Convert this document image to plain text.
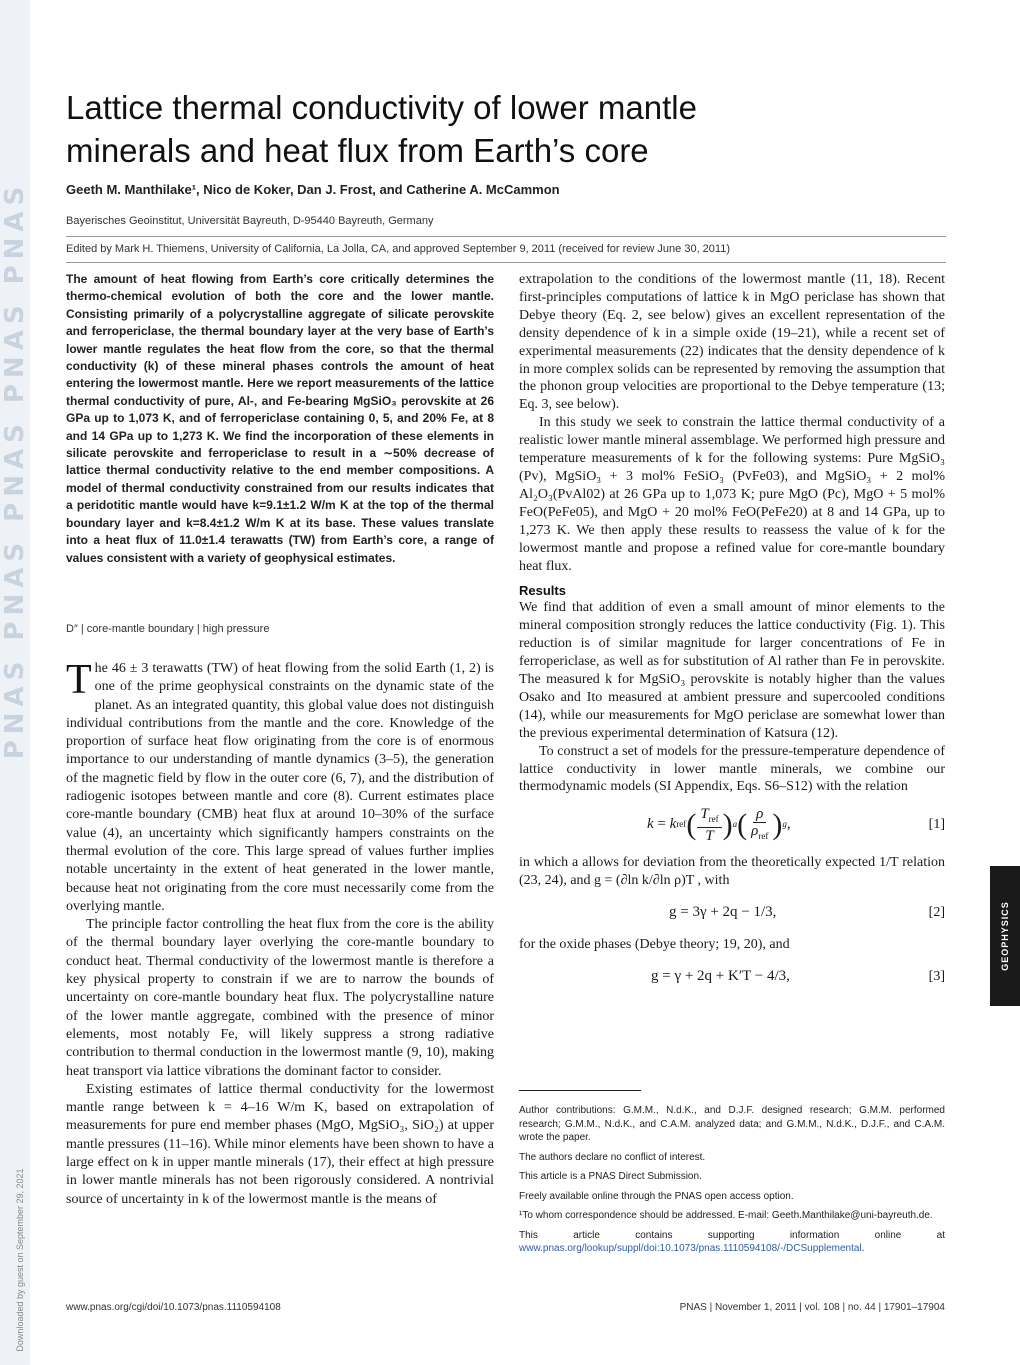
PNAS PNAS PNAS PNAS PNAS
Downloaded by guest on September 29, 2021
Lattice thermal conductivity of lower mantle minerals and heat flux from Earth’s core
Geeth M. Manthilake¹, Nico de Koker, Dan J. Frost, and Catherine A. McCammon
Bayerisches Geoinstitut, Universität Bayreuth, D-95440 Bayreuth, Germany
Edited by Mark H. Thiemens, University of California, La Jolla, CA, and approved September 9, 2011 (received for review June 30, 2011)
The amount of heat flowing from Earth’s core critically determines the thermo-chemical evolution of both the core and the lower mantle. Consisting primarily of a polycrystalline aggregate of silicate perovskite and ferropericlase, the thermal boundary layer at the very base of Earth’s lower mantle regulates the heat flow from the core, so that the thermal conductivity (k) of these mineral phases controls the amount of heat entering the lowermost mantle. Here we report measurements of the lattice thermal conductivity of pure, Al-, and Fe-bearing MgSiO₃ perovskite at 26 GPa up to 1,073 K, and of ferropericlase containing 0, 5, and 20% Fe, at 8 and 14 GPa up to 1,273 K. We find the incorporation of these elements in silicate perovskite and ferropericlase to result in a ∼50% decrease of lattice thermal conductivity relative to the end member compositions. A model of thermal conductivity constrained from our results indicates that a peridotitic mantle would have k=9.1±1.2 W/m K at the top of the thermal boundary layer and k=8.4±1.2 W/m K at its base. These values translate into a heat flux of 11.0±1.4 terawatts (TW) from Earth’s core, a range of values consistent with a variety of geophysical estimates.
D″ | core-mantle boundary | high pressure

The 46 ± 3 terawatts (TW) of heat flowing from the solid Earth (1, 2) is one of the prime geophysical constraints on the dynamic state of the planet. As an integrated quantity, this global value does not distinguish individual contributions from the mantle and the core. Knowledge of the proportion of surface heat flow originating from the core is of enormous importance to our understanding of mantle dynamics (3–5), the generation of the magnetic field by flow in the outer core (6, 7), and the distribution of radiogenic isotopes between mantle and core (8). Current estimates place core-mantle boundary (CMB) heat flux at around 10–30% of the surface value (4), an uncertainty which significantly hampers constraints on the thermal evolution of the core. This large spread of values further implies notable uncertainty in the extent of heat generated in the lower mantle, because heat not originating from the core must necessarily come from the overlying mantle.

The principle factor controlling the heat flux from the core is the ability of the thermal boundary layer overlying the core-mantle boundary to conduct heat. Thermal conductivity of the lowermost mantle is therefore a key physical property to constrain if we are to narrow the bounds of uncertainty on core-mantle boundary heat flux. The polycrystalline nature of the lower mantle aggregate, combined with the presence of minor elements, most notably Fe, will likely suppress a strong radiative contribution to thermal conduction in the lowermost mantle (9, 10), making heat transport via lattice vibrations the dominant factor to consider.

Existing estimates of lattice thermal conductivity for the lowermost mantle range between k = 4–16 W/m K, based on extrapolation of measurements for pure end member phases (MgO, MgSiO₃, SiO₂) at upper mantle pressures (11–16). While minor elements have been shown to have a large effect on k in upper mantle minerals (17), their effect at high pressure in lower mantle minerals has not been rigorously considered. A nontrivial source of uncertainty in k of the lowermost mantle is the means of

extrapolation to the conditions of the lowermost mantle (11, 18). Recent first-principles computations of lattice k in MgO periclase has shown that Debye theory (Eq. 2, see below) gives an excellent representation of the density dependence of k in a simple oxide (19–21), while a recent set of experimental measurements (22) indicates that the density dependence of k in more complex solids can be represented by removing the assumption that the phonon group velocities are proportional to the Debye temperature (13; Eq. 3, see below).

In this study we seek to constrain the lattice thermal conductivity of a realistic lower mantle mineral assemblage. We performed high pressure and temperature measurements of k for the following systems: Pure MgSiO₃ (Pv), MgSiO₃ + 3 mol% FeSiO₃ (PvFe03), and MgSiO₃ + 2 mol% Al₂O₃(PvAl02) at 26 GPa up to 1,073 K; pure MgO (Pc), MgO + 5 mol% FeO(PeFe05), and MgO + 20 mol% FeO(PeFe20) at 8 and 14 GPa, up to 1,273 K. We then apply these results to reassess the value of k for the lowermost mantle and propose a refined value for core-mantle boundary heat flux.

Results

We find that addition of even a small amount of minor elements to the mineral composition strongly reduces the lattice conductivity (Fig. 1). This reduction is of similar magnitude for larger concentrations of Fe in ferropericlase, as well as for substitution of Al rather than Fe in perovskite. The measured k for MgSiO₃ perovskite is notably higher than the values Osako and Ito measured at ambient pressure and supercooled conditions (14), while our measurements for MgO periclase are somewhat lower than the previous experimental determination of Katsura (12).

To construct a set of models for the pressure-temperature dependence of lattice conductivity in lower mantle minerals, we combine our thermodynamic models (SI Appendix, Eqs. S6–S12) with the relation

k = k ref ( $\frac{T_{ref}}{T}$ ) a ( $\frac{\rho}{\rho_{ref}}$ ) g ,	[1]

in which a allows for deviation from the theoretically expected 1/T relation (23, 24), and g = (∂ln k/∂ln ρ)T , with

g = 3γ + 2q − 1/3,	[2]

for the oxide phases (Debye theory; 19, 20), and

g = γ + 2q + K′T − 4/3,	[3]

Author contributions: G.M.M., N.d.K., and D.J.F. designed research; G.M.M. performed research; G.M.M., N.d.K., and C.A.M. analyzed data; and G.M.M., N.d.K., D.J.F., and C.A.M. wrote the paper.

The authors declare no conflict of interest.

This article is a PNAS Direct Submission.

Freely available online through the PNAS open access option.

¹To whom correspondence should be addressed. E-mail: Geeth.Manthilake@uni-bayreuth.de.

This article contains supporting information online at www.pnas.org/lookup/suppl/doi:10.1073/pnas.1110594108/-/DCSupplemental.

GEOPHYSICS
www.pnas.org/cgi/doi/10.1073/pnas.1110594108	PNAS | November 1, 2011 | vol. 108 | no. 44 | 17901–17904
